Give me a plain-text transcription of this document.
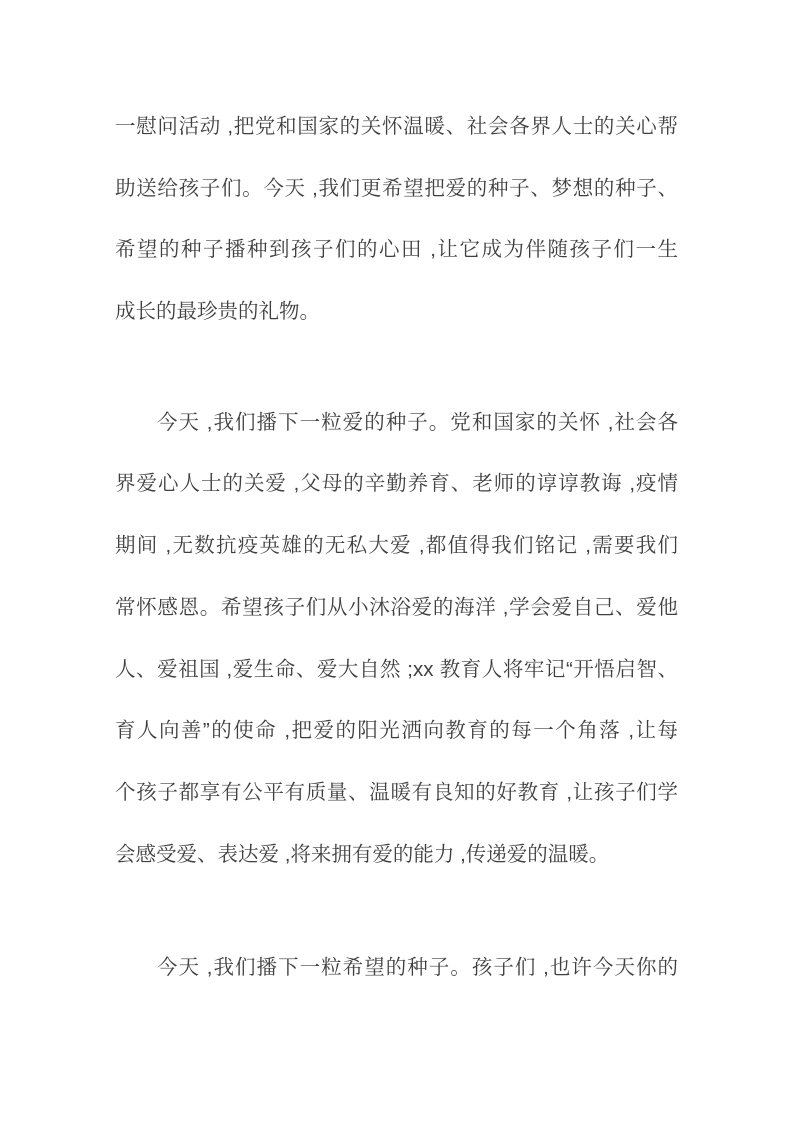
一慰问活动 ,把党和国家的关怀温暖、社会各界人士的关心帮
助送给孩子们。今天 ,我们更希望把爱的种子、梦想的种子、
希望的种子播种到孩子们的心田 ,让它成为伴随孩子们一生
成长的最珍贵的礼物。
今天 ,我们播下一粒爱的种子。党和国家的关怀 ,社会各
界爱心人士的关爱 ,父母的辛勤养育、老师的谆谆教诲 ,疫情
期间 ,无数抗疫英雄的无私大爱 ,都值得我们铭记 ,需要我们
常怀感恩。希望孩子们从小沐浴爱的海洋 ,学会爱自己、爱他
人、爱祖国 ,爱生命、爱大自然 ;xx 教育人将牢记“开悟启智、
育人向善”的使命 ,把爱的阳光洒向教育的每一个角落 ,让每
个孩子都享有公平有质量、温暖有良知的好教育 ,让孩子们学
会感受爱、表达爱 ,将来拥有爱的能力 ,传递爱的温暖。
今天 ,我们播下一粒希望的种子。孩子们 ,也许今天你的
